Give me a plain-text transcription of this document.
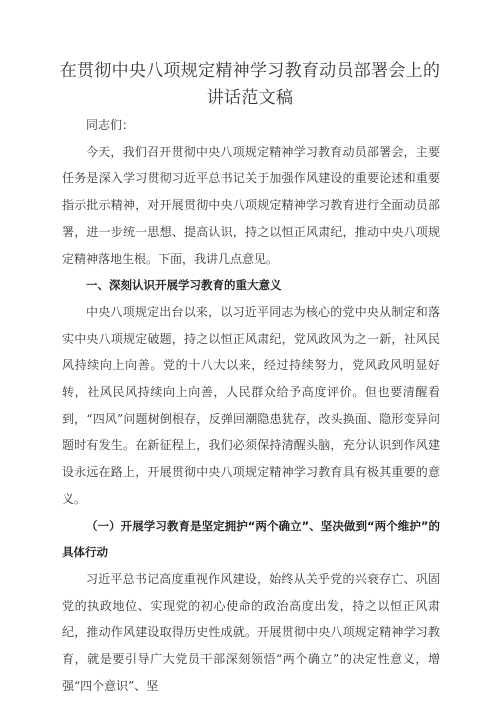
在贯彻中央八项规定精神学习教育动员部署会上的
讲话范文稿

同志们：

今天，我们召开贯彻中央八项规定精神学习教育动员部署会，主要任务是深入学习贯彻习近平总书记关于加强作风建设的重要论述和重要指示批示精神，对开展贯彻中央八项规定精神学习教育进行全面动员部署，进一步统一思想、提高认识，持之以恒正风肃纪，推动中央八项规定精神落地生根。下面，我讲几点意见。

一、深刻认识开展学习教育的重大意义

中央八项规定出台以来，以习近平同志为核心的党中央从制定和落实中央八项规定破题，持之以恒正风肃纪，党风政风为之一新，社风民风持续向上向善。党的十八大以来，经过持续努力，党风政风明显好转，社风民风持续向上向善，人民群众给予高度评价。但也要清醒看到，“四风”问题树倒根存，反弹回潮隐患犹存，改头换面、隐形变异问题时有发生。在新征程上，我们必须保持清醒头脑，充分认识到作风建设永远在路上，开展贯彻中央八项规定精神学习教育具有极其重要的意义。

（一）开展学习教育是坚定拥护“两个确立”、坚决做到“两个维护”的具体行动

习近平总书记高度重视作风建设，始终从关乎党的兴衰存亡、巩固党的执政地位、实现党的初心使命的政治高度出发，持之以恒正风肃纪，推动作风建设取得历史性成就。开展贯彻中央八项规定精神学习教育，就是要引导广大党员干部深刻领悟“两个确立”的决定性意义，增强“四个意识”、坚
